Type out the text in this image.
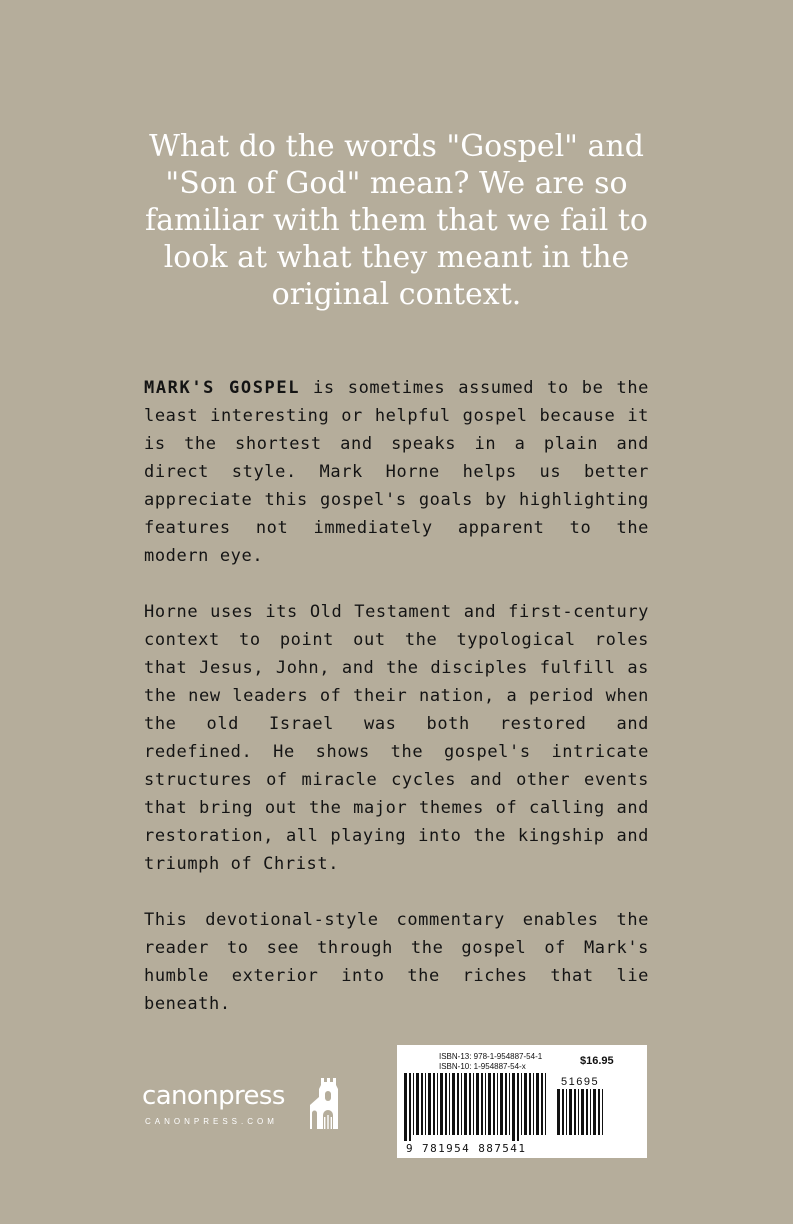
What do the words "Gospel" and "Son of God" mean? We are so familiar with them that we fail to look at what they meant in the original context.

MARK'S GOSPEL is sometimes assumed to be the least interesting or helpful gospel because it is the shortest and speaks in a plain and direct style. Mark Horne helps us better appreciate this gospel's goals by highlighting features not immediately apparent to the modern eye.

Horne uses its Old Testament and first-century context to point out the typological roles that Jesus, John, and the disciples fulfill as the new leaders of their nation, a period when the old Israel was both restored and redefined. He shows the gospel's intricate structures of miracle cycles and other events that bring out the major themes of calling and restoration, all playing into the kingship and triumph of Christ.

This devotional-style commentary enables the reader to see through the gospel of Mark's humble exterior into the riches that lie beneath.

canonpress
CANONPRESS.COM
ISBN-13: 978-1-954887-54-1
ISBN-10: 1-954887-54-x	$16.95
51695
9 781954 887541
